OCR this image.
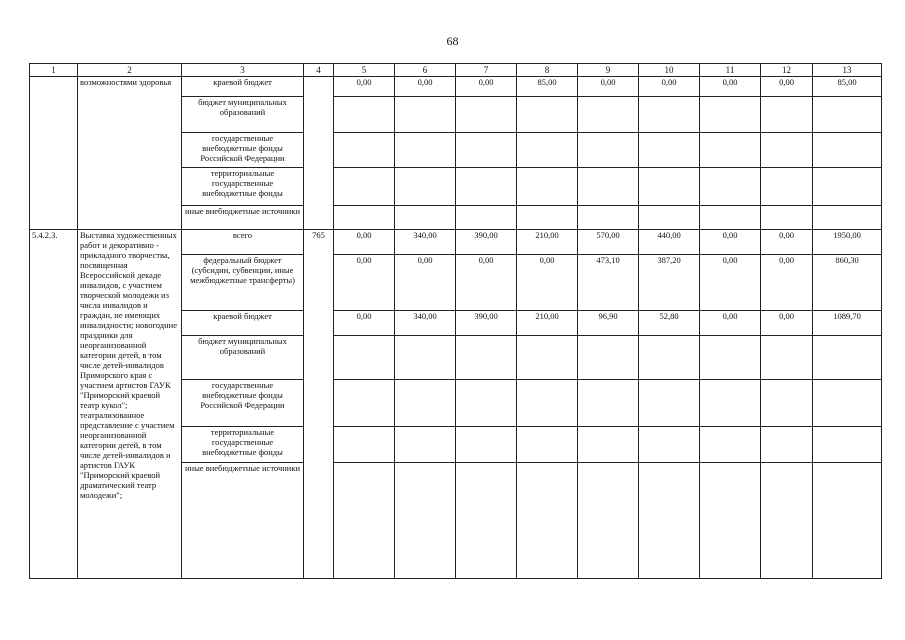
68
1	2	3	4	5	6	7	8	9	10	11	12	13
	возможностями здоровья	краевой бюджет		0,00	0,00	0,00	85,00	0,00	0,00	0,00	0,00	85,00
		бюджет муниципальных образований										
		государственные внебюджетные фонды Российской Федерации										
		территориальные государственные внебюджетные фонды										
		иные внебюджетные источники										
5.4.2.3.	Выставка художественных работ и декоративно - прикладного творчества, посвященная Всероссийской декаде инвалидов, с участием творческой молодежи из числа инвалидов и граждан, не имеющих инвалидности; новогодние праздники для неорганизованной категории детей, в том числе детей-инвалидов Приморского края с участием артистов ГАУК "Приморский краевой театр кукол"; театрализованное представление с участием неорганизованной категории детей, в том числе детей-инвалидов и артистов ГАУК "Приморский краевой драматический театр молодежи";	всего	765	0,00	340,00	390,00	210,00	570,00	440,00	0,00	0,00	1950,00
		федеральный бюджет (субсидии, субвенции, иные межбюджетные трансферты)		0,00	0,00	0,00	0,00	473,10	387,20	0,00	0,00	860,30
		краевой бюджет		0,00	340,00	390,00	210,00	96,90	52,80	0,00	0,00	1089,70
		бюджет муниципальных образований										
		государственные внебюджетные фонды Российской Федерации										
		территориальные государственные внебюджетные фонды										
		иные внебюджетные источники										
